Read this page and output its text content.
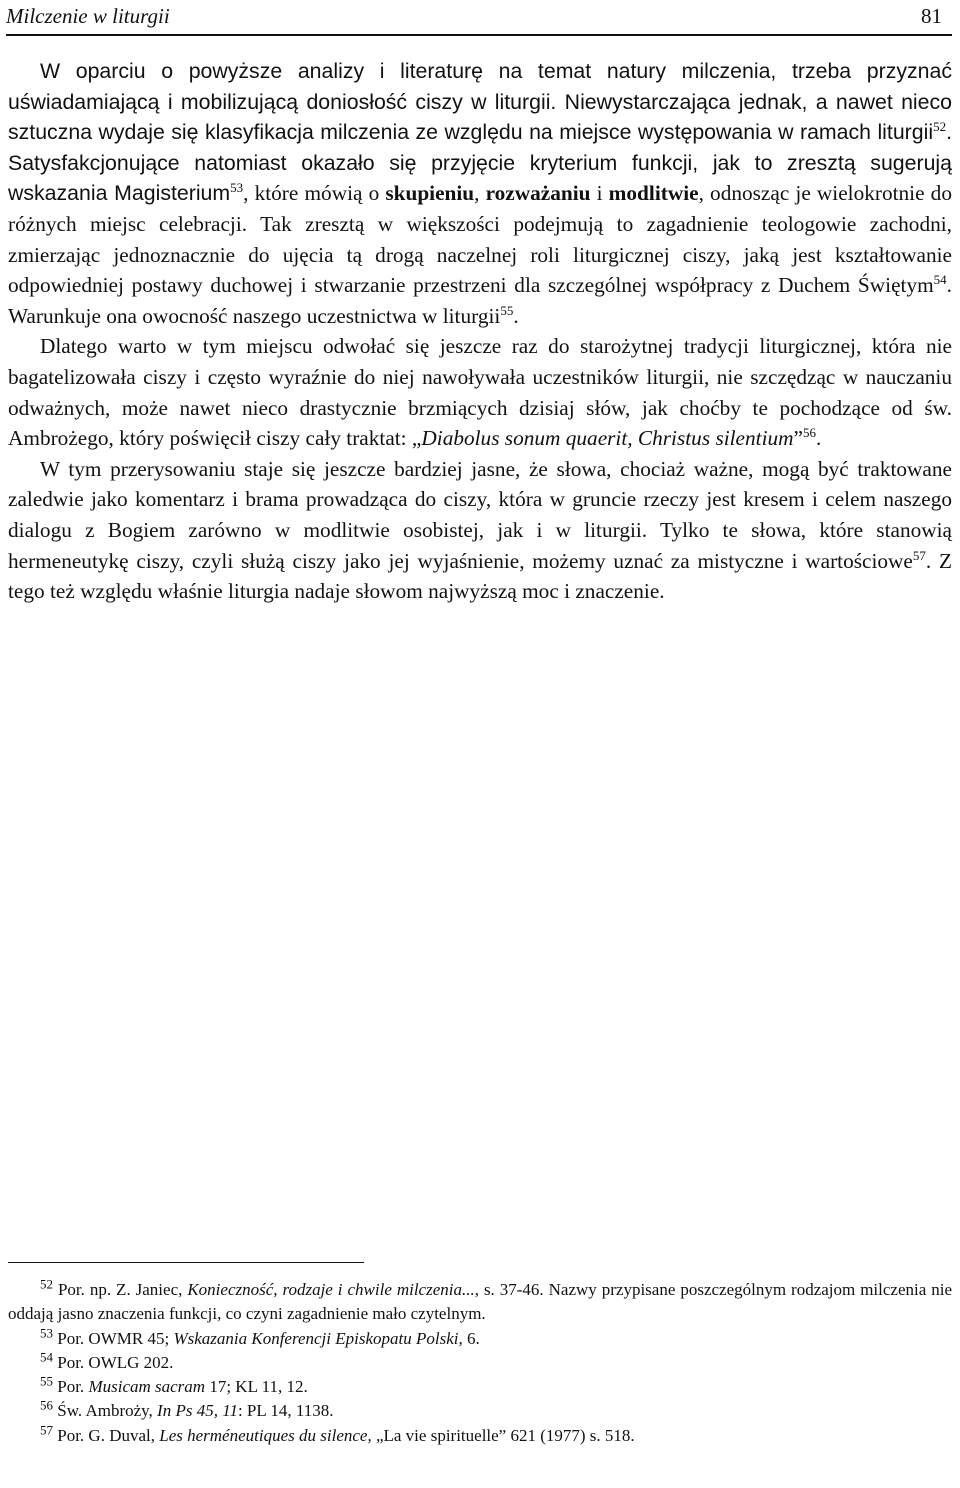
Milczenie w liturgii	81

W oparciu o powyższe analizy i literaturę na temat natury milczenia, trzeba przyznać uświadamiającą i mobilizującą doniosłość ciszy w liturgii. Niewystarczająca jednak, a nawet nieco sztuczna wydaje się klasyfikacja milczenia ze względu na miejsce występowania w ramach liturgii$^{52}$. Satysfakcjonujące natomiast okazało się przyjęcie kryterium funkcji, jak to zresztą sugerują wskazania Magisterium$^{53}$, które mówią o skupieniu, rozważaniu i modlitwie, odnosząc je wielokrotnie do różnych miejsc celebracji. Tak zresztą w większości podejmują to zagadnienie teologowie zachodni, zmierzając jednoznacznie do ujęcia tą drogą naczelnej roli liturgicznej ciszy, jaką jest kształtowanie odpowiedniej postawy duchowej i stwarzanie przestrzeni dla szczególnej współpracy z Duchem Świętym$^{54}$. Warunkuje ona owocność naszego uczestnictwa w liturgii$^{55}$.

Dlatego warto w tym miejscu odwołać się jeszcze raz do starożytnej tradycji liturgicznej, która nie bagatelizowała ciszy i często wyraźnie do niej nawoływała uczestników liturgii, nie szczędząc w nauczaniu odważnych, może nawet nieco drastycznie brzmiących dzisiaj słów, jak choćby te pochodzące od św. Ambrożego, który poświęcił ciszy cały traktat: „Diabolus sonum quaerit, Christus silentium”$^{56}$.

W tym przerysowaniu staje się jeszcze bardziej jasne, że słowa, chociaż ważne, mogą być traktowane zaledwie jako komentarz i brama prowadząca do ciszy, która w gruncie rzeczy jest kresem i celem naszego dialogu z Bogiem zarówno w modlitwie osobistej, jak i w liturgii. Tylko te słowa, które stanowią hermeneutykę ciszy, czyli służą ciszy jako jej wyjaśnienie, możemy uznać za mistyczne i wartościowe$^{57}$. Z tego też względu właśnie liturgia nadaje słowom najwyższą moc i znaczenie.

$^{52}$ Por. np. Z. Janiec, Konieczność, rodzaje i chwile milczenia..., s. 37-46. Nazwy przypisane poszczególnym rodzajom milczenia nie oddają jasno znaczenia funkcji, co czyni zagadnienie mało czytelnym.

$^{53}$ Por. OWMR 45; Wskazania Konferencji Episkopatu Polski, 6.

$^{54}$ Por. OWLG 202.

$^{55}$ Por. Musicam sacram 17; KL 11, 12.

$^{56}$ Św. Ambroży, In Ps 45, 11: PL 14, 1138.

$^{57}$ Por. G. Duval, Les herméneutiques du silence, „La vie spirituelle” 621 (1977) s. 518.
